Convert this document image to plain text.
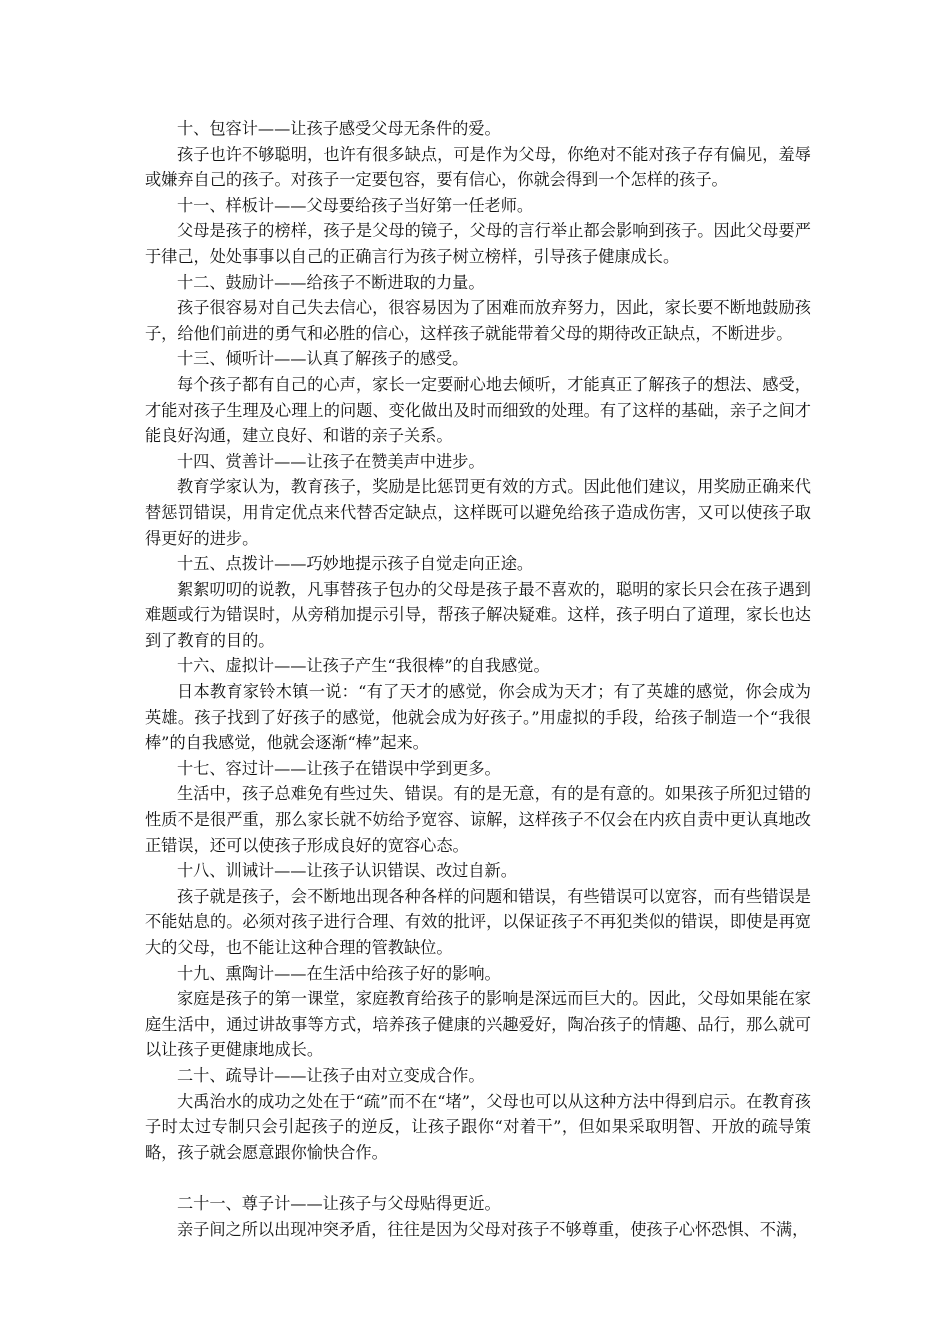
十、包容计——让孩子感受父母无条件的爱。

孩子也许不够聪明，也许有很多缺点，可是作为父母，你绝对不能对孩子存有偏见，羞辱或嫌弃自己的孩子。对孩子一定要包容，要有信心，你就会得到一个怎样的孩子。

十一、样板计——父母要给孩子当好第一任老师。

父母是孩子的榜样，孩子是父母的镜子，父母的言行举止都会影响到孩子。因此父母要严于律己，处处事事以自己的正确言行为孩子树立榜样，引导孩子健康成长。

十二、鼓励计——给孩子不断进取的力量。

孩子很容易对自己失去信心，很容易因为了困难而放弃努力，因此，家长要不断地鼓励孩子，给他们前进的勇气和必胜的信心，这样孩子就能带着父母的期待改正缺点，不断进步。

十三、倾听计——认真了解孩子的感受。

每个孩子都有自己的心声，家长一定要耐心地去倾听，才能真正了解孩子的想法、感受，才能对孩子生理及心理上的问题、变化做出及时而细致的处理。有了这样的基础，亲子之间才能良好沟通，建立良好、和谐的亲子关系。

十四、赏善计——让孩子在赞美声中进步。

教育学家认为，教育孩子，奖励是比惩罚更有效的方式。因此他们建议，用奖励正确来代替惩罚错误，用肯定优点来代替否定缺点，这样既可以避免给孩子造成伤害，又可以使孩子取得更好的进步。

十五、点拨计——巧妙地提示孩子自觉走向正途。

絮絮叨叨的说教，凡事替孩子包办的父母是孩子最不喜欢的，聪明的家长只会在孩子遇到难题或行为错误时，从旁稍加提示引导，帮孩子解决疑难。这样，孩子明白了道理，家长也达到了教育的目的。

十六、虚拟计——让孩子产生“我很棒”的自我感觉。

日本教育家铃木镇一说：“有了天才的感觉，你会成为天才；有了英雄的感觉，你会成为英雄。孩子找到了好孩子的感觉，他就会成为好孩子。”用虚拟的手段，给孩子制造一个“我很棒”的自我感觉，他就会逐渐“棒”起来。

十七、容过计——让孩子在错误中学到更多。

生活中，孩子总难免有些过失、错误。有的是无意，有的是有意的。如果孩子所犯过错的性质不是很严重，那么家长就不妨给予宽容、谅解，这样孩子不仅会在内疚自责中更认真地改正错误，还可以使孩子形成良好的宽容心态。

十八、训诫计——让孩子认识错误、改过自新。

孩子就是孩子，会不断地出现各种各样的问题和错误，有些错误可以宽容，而有些错误是不能姑息的。必须对孩子进行合理、有效的批评，以保证孩子不再犯类似的错误，即使是再宽大的父母，也不能让这种合理的管教缺位。

十九、熏陶计——在生活中给孩子好的影响。

家庭是孩子的第一课堂，家庭教育给孩子的影响是深远而巨大的。因此，父母如果能在家庭生活中，通过讲故事等方式，培养孩子健康的兴趣爱好，陶冶孩子的情趣、品行，那么就可以让孩子更健康地成长。

二十、疏导计——让孩子由对立变成合作。

大禹治水的成功之处在于“疏”而不在“堵”，父母也可以从这种方法中得到启示。在教育孩子时太过专制只会引起孩子的逆反，让孩子跟你“对着干”，但如果采取明智、开放的疏导策略，孩子就会愿意跟你愉快合作。

二十一、尊子计——让孩子与父母贴得更近。

亲子间之所以出现冲突矛盾，往往是因为父母对孩子不够尊重，使孩子心怀恐惧、不满，
